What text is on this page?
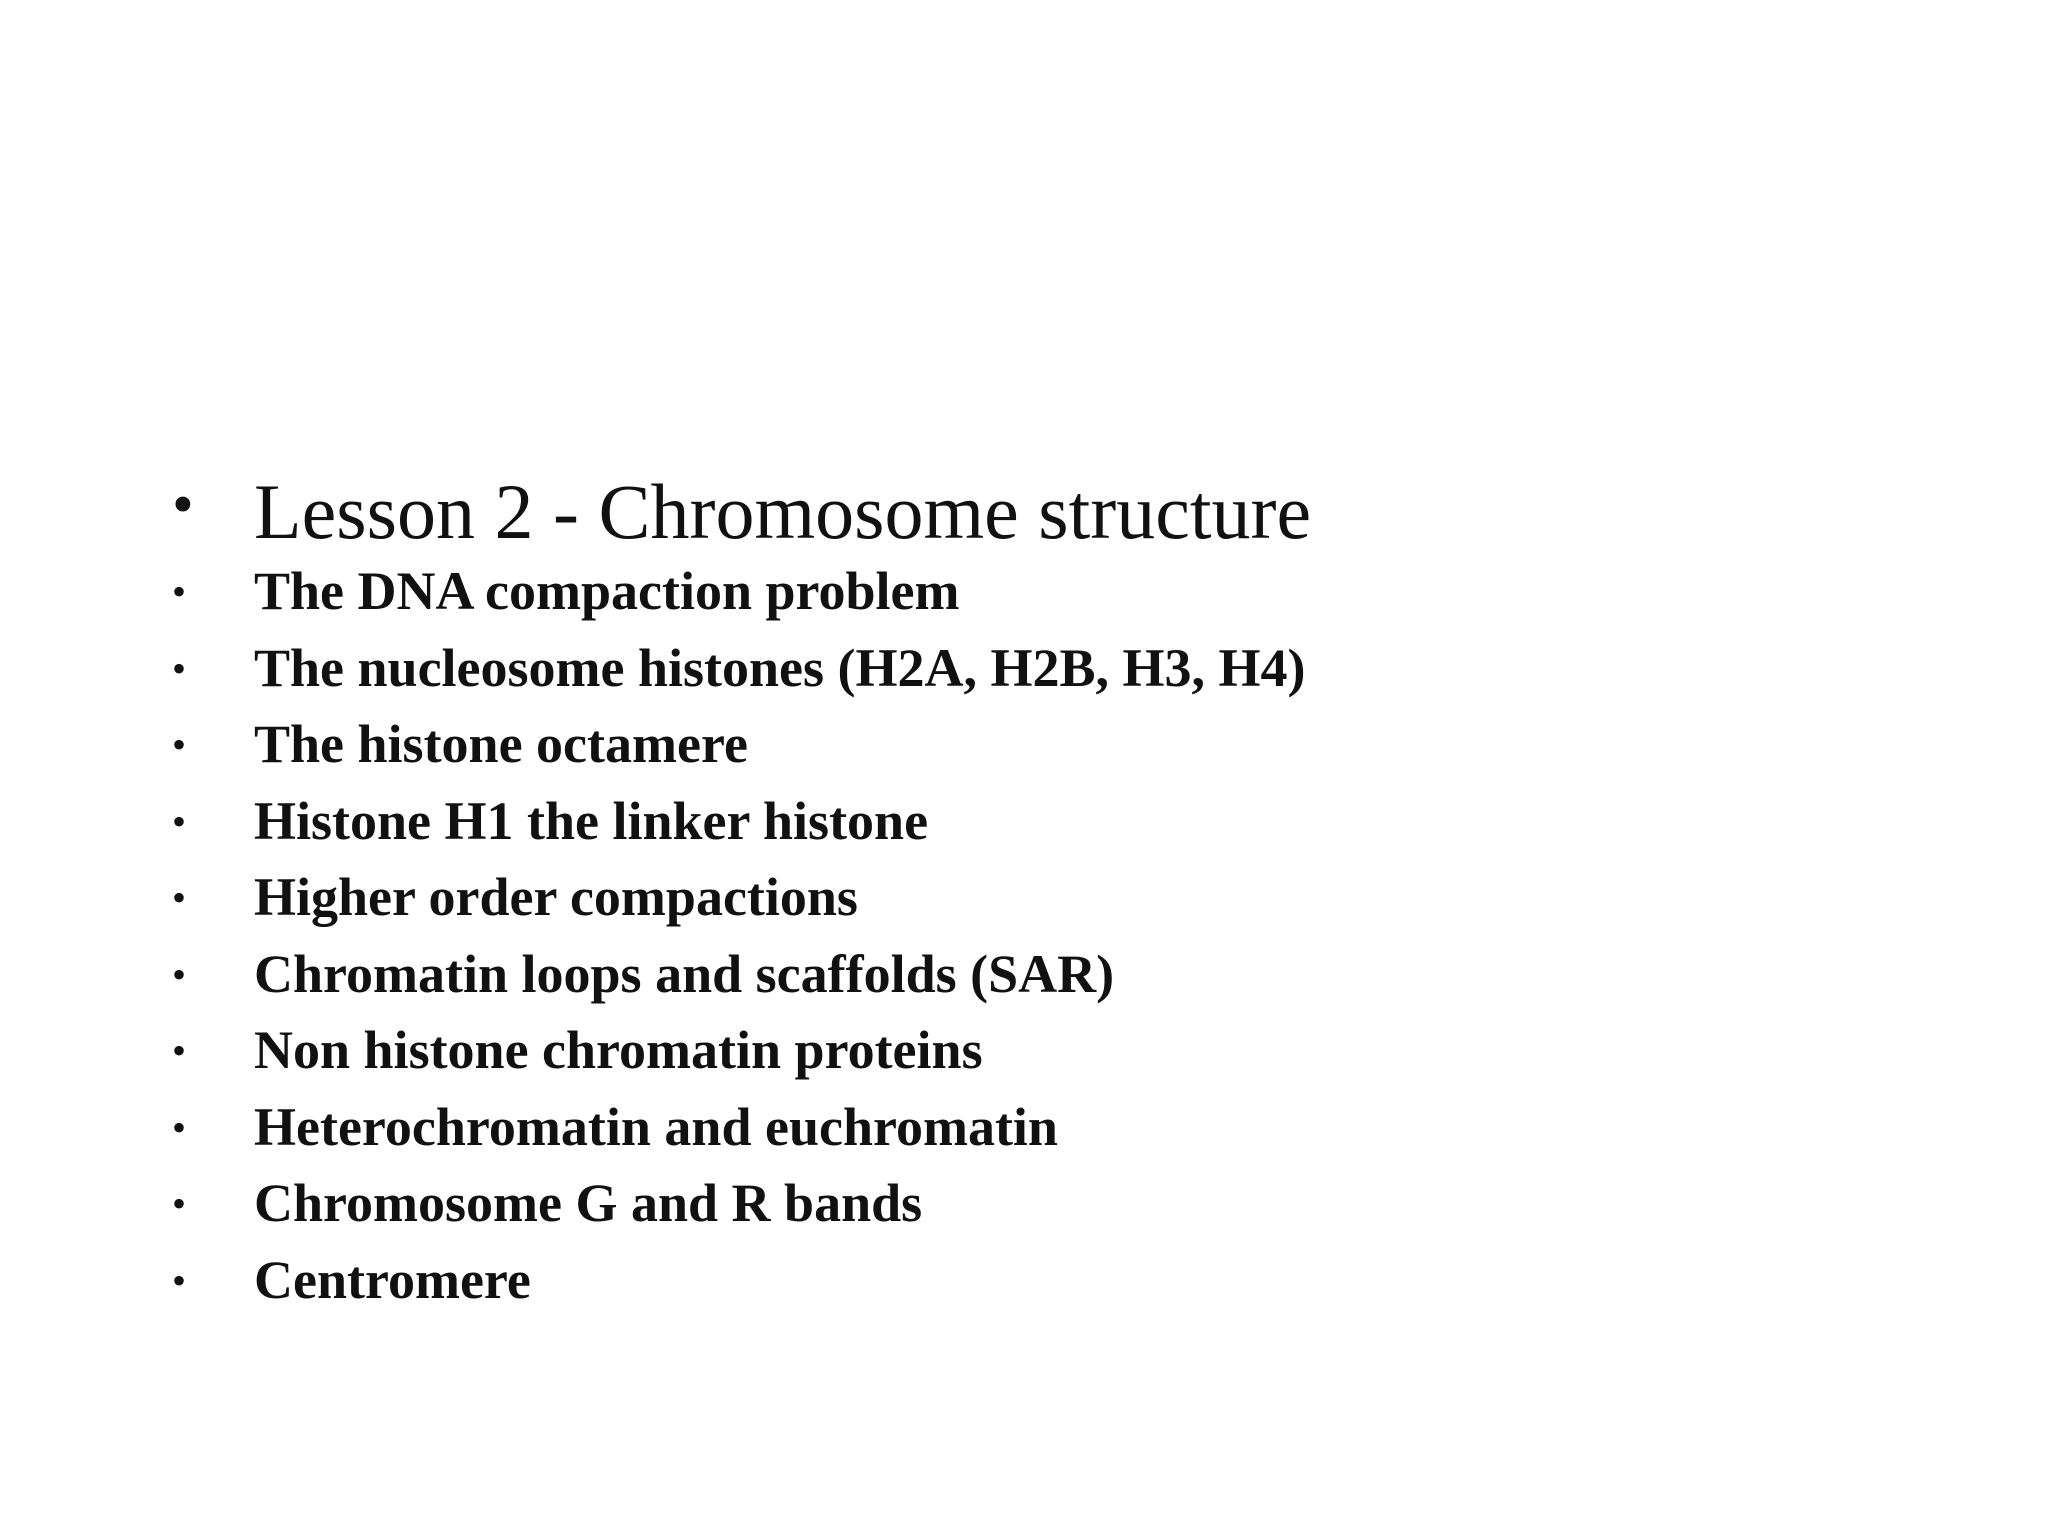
• Lesson 2 - Chromosome structure
• The DNA compaction problem
• The nucleosome histones (H2A, H2B, H3, H4)
• The histone octamere
• Histone H1 the linker histone
• Higher order compactions
• Chromatin loops and scaffolds (SAR)
• Non histone chromatin proteins
• Heterochromatin and euchromatin
• Chromosome G and R bands
• Centromere
